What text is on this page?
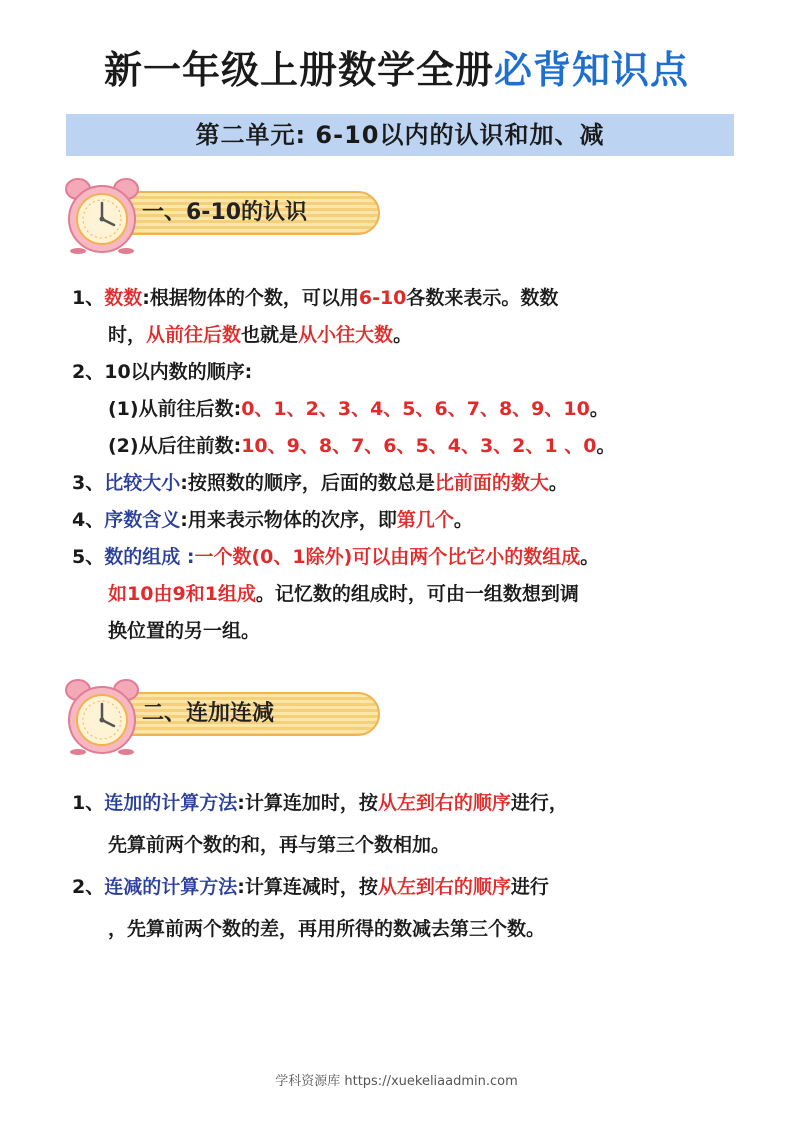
新一年级上册数学全册必背知识点
第二单元: 6-10以内的认识和加、减
一、6-10的认识
1、数数:根据物体的个数，可以用6-10各数来表示。数数
时，从前往后数也就是从小往大数。
2、10以内数的顺序:
(1)从前往后数:0、1、2、3、4、5、6、7、8、9、10。
(2)从后往前数:10、9、8、7、6、5、4、3、2、1 、0。
3、比较大小:按照数的顺序，后面的数总是比前面的数大。
4、序数含义:用来表示物体的次序，即第几个。
5、数的组成 :一个数(0、1除外)可以由两个比它小的数组成。
如10由9和1组成。记忆数的组成时，可由一组数想到调
换位置的另一组。
二、连加连减
1、连加的计算方法:计算连加时，按从左到右的顺序进行，
先算前两个数的和，再与第三个数相加。
2、连减的计算方法:计算连减时，按从左到右的顺序进行
，先算前两个数的差，再用所得的数减去第三个数。
学科资源库 https://xuekeliaadmin.com
